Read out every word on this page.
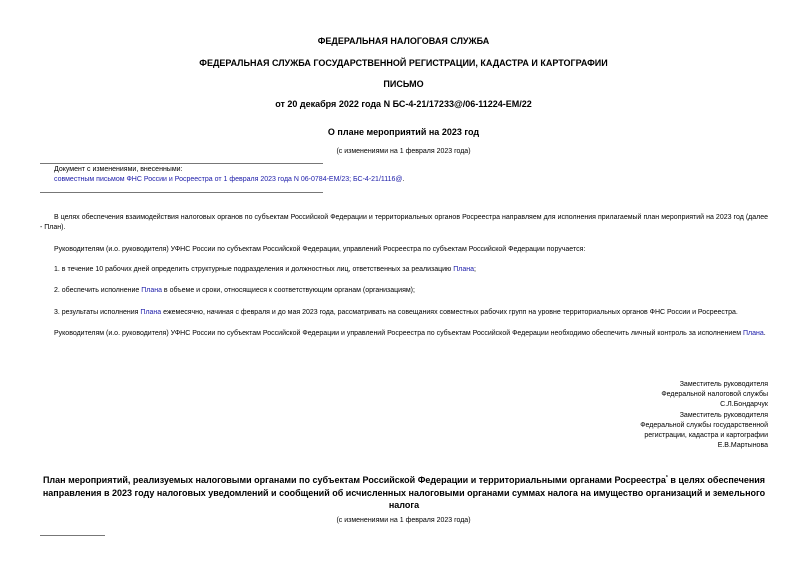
ФЕДЕРАЛЬНАЯ НАЛОГОВАЯ СЛУЖБА
ФЕДЕРАЛЬНАЯ СЛУЖБА ГОСУДАРСТВЕННОЙ РЕГИСТРАЦИИ, КАДАСТРА И КАРТОГРАФИИ
ПИСЬМО
от 20 декабря 2022 года N БС-4-21/17233@/06-11224-ЕМ/22
О плане мероприятий на 2023 год
(с изменениями на 1 февраля 2023 года)
Документ с изменениями, внесенными:
совместным письмом ФНС России и Росреестра от 1 февраля 2023 года N 06-0784-ЕМ/23; БС-4-21/1116@.
В целях обеспечения взаимодействия налоговых органов по субъектам Российской Федерации и территориальных органов Росреестра направляем для исполнения прилагаемый план мероприятий на 2023 год (далее - План).
Руководителям (и.о. руководителя) УФНС России по субъектам Российской Федерации, управлений Росреестра по субъектам Российской Федерации поручается:
1. в течение 10 рабочих дней определить структурные подразделения и должностных лиц, ответственных за реализацию Плана;
2. обеспечить исполнение Плана в объеме и сроки, относящиеся к соответствующим органам (организациям);
3. результаты исполнения Плана ежемесячно, начиная с февраля и до мая 2023 года, рассматривать на совещаниях совместных рабочих групп на уровне территориальных органов ФНС России и Росреестра.
Руководителям (и.о. руководителя) УФНС России по субъектам Российской Федерации и управлений Росреестра по субъектам Российской Федерации необходимо обеспечить личный контроль за исполнением Плана.
Заместитель руководителя
Федеральной налоговой службы
С.Л.Бондарчук
Заместитель руководителя
Федеральной службы государственной
регистрации, кадастра и картографии
Е.В.Мартынова
План мероприятий, реализуемых налоговыми органами по субъектам Российской Федерации и территориальными органами Росреестра* в целях обеспечения направления в 2023 году налоговых уведомлений и сообщений об исчисленных налоговыми органами суммах налога на имущество организаций и земельного налога
(с изменениями на 1 февраля 2023 года)
